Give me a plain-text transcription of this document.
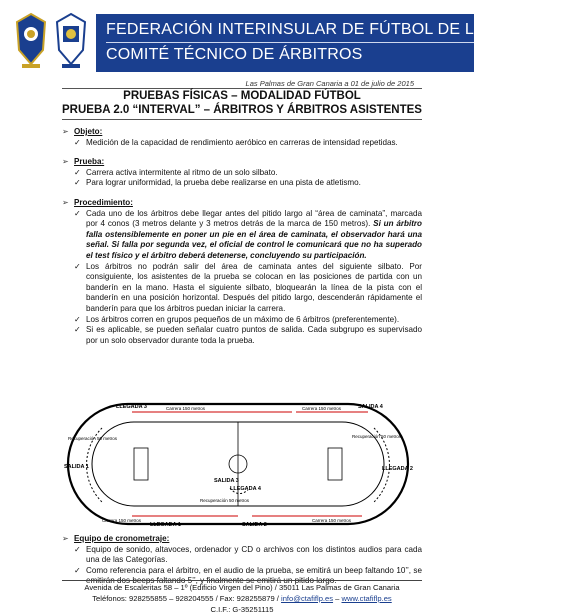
FEDERACIÓN INTERINSULAR DE FÚTBOL DE LAS PALMAS
COMITÉ TÉCNICO DE ÁRBITROS
Las Palmas de Gran Canaria a 01 de julio de 2015
PRUEBAS FÍSICAS – MODALIDAD FÚTBOL
PRUEBA 2.0 “INTERVAL” – ÁRBITROS Y ÁRBITROS ASISTENTES
➢ Objeto:
✓ Medición de la capacidad de rendimiento aeróbico en carreras de intensidad repetidas.
➢ Prueba:
✓ Carrera activa intermitente al ritmo de un solo silbato.
✓ Para lograr uniformidad, la prueba debe realizarse en una pista de atletismo.
➢ Procedimiento:
✓ Cada uno de los árbitros debe llegar antes del pitido largo al “área de caminata”, marcada por 4 conos (3 metros delante y 3 metros detrás de la marca de 150 metros). Si un árbitro falla ostensiblemente en poner un pie en el área de caminata, el observador hará una señal. Si falla por segunda vez, el oficial de control le comunicará que no ha superado el test físico y el árbitro deberá detenerse, concluyendo su participación.
✓ Los árbitros no podrán salir del área de caminata antes del siguiente silbato. Por consiguiente, los asistentes de la prueba se colocan en las posiciones de partida con un banderín en la mano. Hasta el siguiente silbato, bloquearán la línea de la pista con el banderín en una posición horizontal. Después del pitido largo, descenderán rápidamente el banderín para que los árbitros puedan iniciar la carrera.
✓ Los árbitros corren en grupos pequeños de un máximo de 6 árbitros (preferentemente).
✓ Si es aplicable, se pueden señalar cuatro puntos de salida. Cada subgrupo es supervisado por un solo observador durante toda la prueba.
LLEGADA 3	SALIDA 4
Carrera 150 metros	Carrera 150 metros
Recuperación 50 metros	Recuperación 50 metros
SALIDA 1	LLEGADA 2
SALIDA 3
LLEGADA 4
Recuperación 50 metros
Carrera 150 metros	Carrera 150 metros
LLEGADA 1	SALIDA 2
➢ Equipo de cronometraje:
✓ Equipo de sonido, altavoces, ordenador y CD o archivos con los distintos audios para cada una de las Categorías.
✓ Como referencia para el árbitro, en el audio de la prueba, se emitirá un beep faltando 10’’, se
Avenida de Escaleritas 58 – 1º (Edificio Virgen del Pino) / 35011 Las Palmas de Gran Canaria
Teléfonos: 928255855 – 928204555 / Fax: 928255879 / info@ctafiflp.es – www.ctafiflp.es
C.I.F.: G-35251115
